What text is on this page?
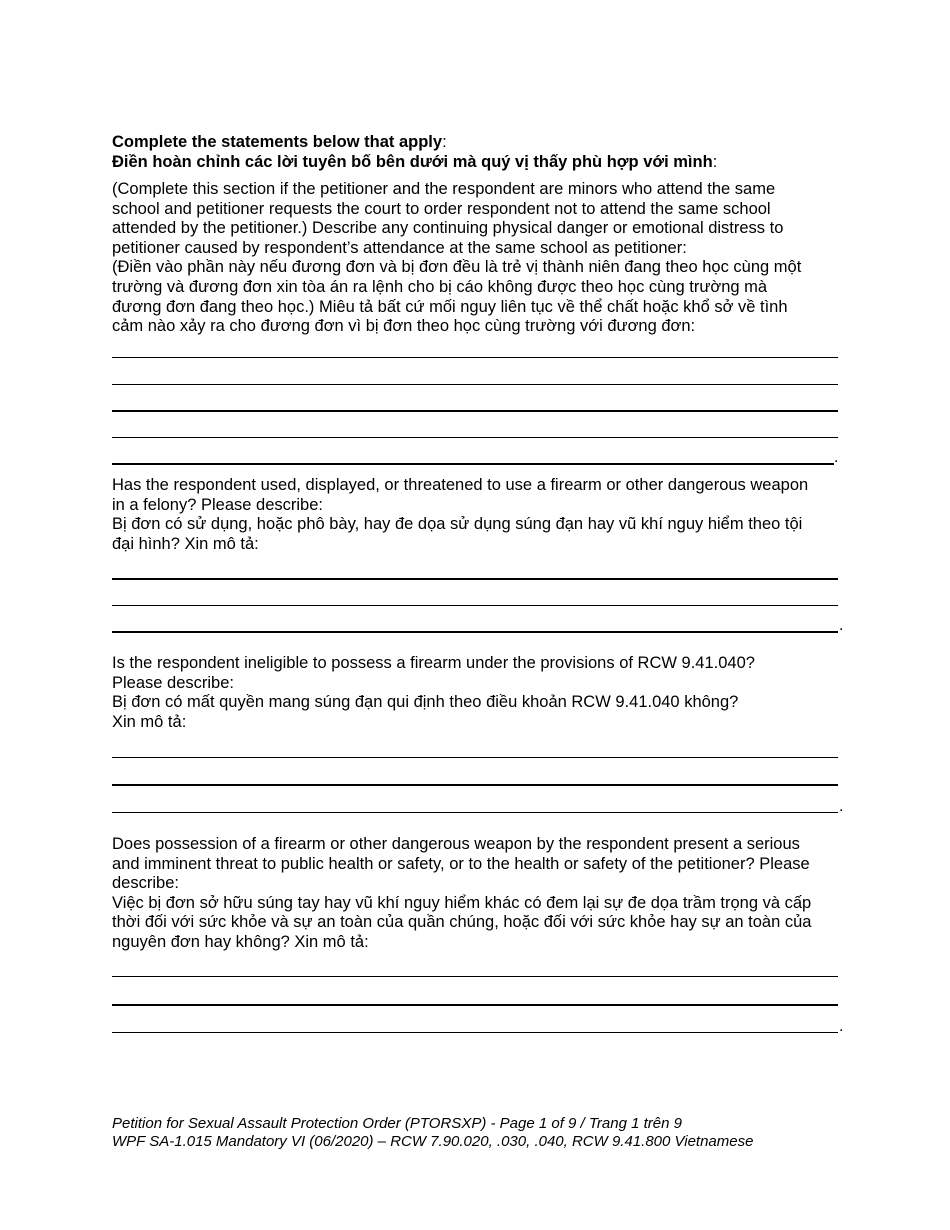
Complete the statements below that apply:
Điền hoàn chỉnh các lời tuyên bố bên dưới mà quý vị thấy phù hợp với mình:
(Complete this section if the petitioner and the respondent are minors who attend the same
school and petitioner requests the court to order respondent not to attend the same school
attended by the petitioner.) Describe any continuing physical danger or emotional distress to
petitioner caused by respondent’s attendance at the same school as petitioner:
(Điền vào phần này nếu đương đơn và bị đơn đều là trẻ vị thành niên đang theo học cùng một
trường và đương đơn xin tòa án ra lệnh cho bị cáo không được theo học cùng trường mà
đương đơn đang theo học.) Miêu tả bất cứ mối nguy liên tục về thể chất hoặc khổ sở về tình
cảm nào xảy ra cho đương đơn vì bị đơn theo học cùng trường với đương đơn:
.
Has the respondent used, displayed, or threatened to use a firearm or other dangerous weapon
in a felony? Please describe:
Bị đơn có sử dụng, hoặc phô bày, hay đe dọa sử dụng súng đạn hay vũ khí nguy hiểm theo tội
đại hình? Xin mô tả:
.
Is the respondent ineligible to possess a firearm under the provisions of RCW 9.41.040?
Please describe:
Bị đơn có mất quyền mang súng đạn qui định theo điều khoản RCW 9.41.040 không?
Xin mô tả:
.
Does possession of a firearm or other dangerous weapon by the respondent present a serious
and imminent threat to public health or safety, or to the health or safety of the petitioner? Please
describe:
Việc bị đơn sở hữu súng tay hay vũ khí nguy hiểm khác có đem lại sự đe dọa trầm trọng và cấp
thời đối với sức khỏe và sự an toàn của quần chúng, hoặc đối với sức khỏe hay sự an toàn của
nguyên đơn hay không? Xin mô tả:
.
Petition for Sexual Assault Protection Order (PTORSXP) - Page 1 of 9 / Trang 1 trên 9
WPF SA-1.015 Mandatory VI (06/2020) – RCW 7.90.020, .030, .040, RCW 9.41.800 Vietnamese
